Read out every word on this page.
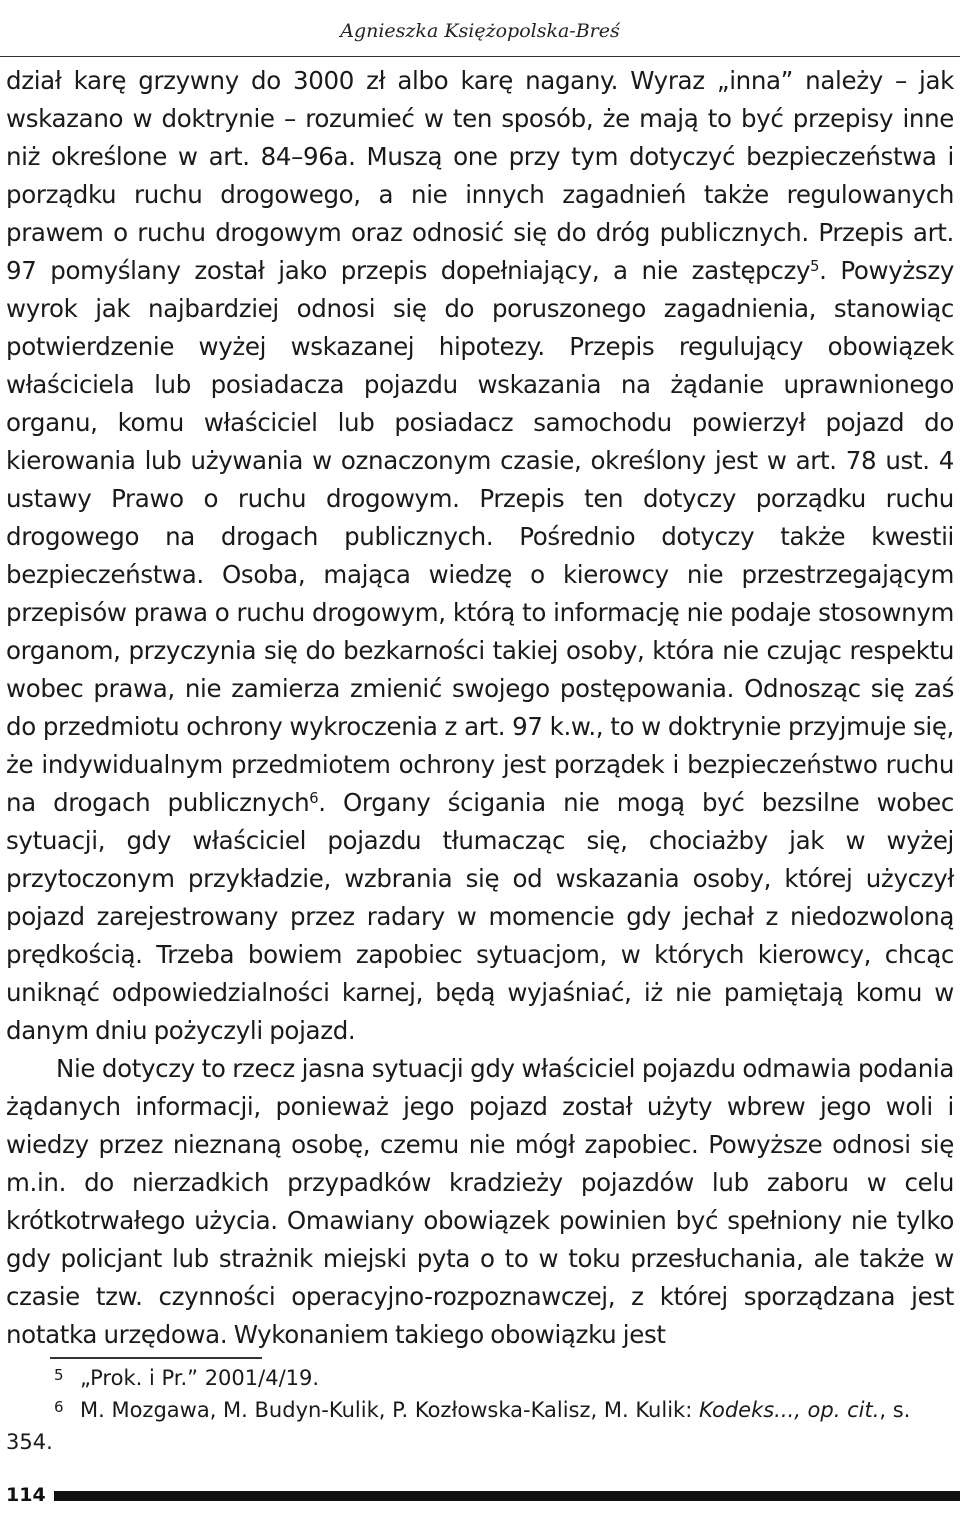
Agnieszka Księżopolska-Breś

dział karę grzywny do 3000 zł albo karę nagany. Wyraz „inna” należy – jak wskazano w doktrynie – rozumieć w ten sposób, że mają to być przepisy inne niż określone w art. 84–96a. Muszą one przy tym dotyczyć bezpieczeństwa i porządku ruchu drogowego, a nie innych zagadnień także regulowanych prawem o ruchu drogowym oraz odnosić się do dróg publicznych. Przepis art. 97 pomyślany został jako przepis dopełniający, a nie zastępczy$^5$. Powyższy wyrok jak najbardziej odnosi się do poruszonego zagadnienia, stanowiąc potwierdzenie wyżej wskazanej hipotezy. Przepis regulujący obowiązek właściciela lub posiadacza pojazdu wskazania na żądanie uprawnionego organu, komu właściciel lub posiadacz samochodu powierzył pojazd do kierowania lub używania w oznaczonym czasie, określony jest w art. 78 ust. 4 ustawy Prawo o ruchu drogowym. Przepis ten dotyczy porządku ruchu drogowego na drogach publicznych. Pośrednio dotyczy także kwestii bezpieczeństwa. Osoba, mająca wiedzę o kierowcy nie przestrzegającym przepisów prawa o ruchu drogowym, którą to informację nie podaje stosownym organom, przyczynia się do bezkarności takiej osoby, która nie czując respektu wobec prawa, nie zamierza zmienić swojego postępowania. Odnosząc się zaś do przedmiotu ochrony wykroczenia z art. 97 k.w., to w doktrynie przyjmuje się, że indywidualnym przedmiotem ochrony jest porządek i bezpieczeństwo ruchu na drogach publicznych$^6$. Organy ścigania nie mogą być bezsilne wobec sytuacji, gdy właściciel pojazdu tłumacząc się, chociażby jak w wyżej przytoczonym przykładzie, wzbrania się od wskazania osoby, której użyczył pojazd zarejestrowany przez radary w momencie gdy jechał z niedozwoloną prędkością. Trzeba bowiem zapobiec sytuacjom, w których kierowcy, chcąc uniknąć odpowiedzialności karnej, będą wyjaśniać, iż nie pamiętają komu w danym dniu pożyczyli pojazd.

Nie dotyczy to rzecz jasna sytuacji gdy właściciel pojazdu odmawia podania żądanych informacji, ponieważ jego pojazd został użyty wbrew jego woli i wiedzy przez nieznaną osobę, czemu nie mógł zapobiec. Powyższe odnosi się m.in. do nierzadkich przypadków kradzieży pojazdów lub zaboru w celu krótkotrwałego użycia. Omawiany obowiązek powinien być spełniony nie tylko gdy policjant lub strażnik miejski pyta o to w toku przesłuchania, ale także w czasie tzw. czynności operacyjno-rozpoznawczej, z której sporządzana jest notatka urzędowa. Wykonaniem takiego obowiązku jest

5 „Prok. i Pr.” 2001/4/19.

6 M. Mozgawa, M. Budyn-Kulik, P. Kozłowska-Kalisz, M. Kulik: Kodeks..., op. cit., s. 354.

114
